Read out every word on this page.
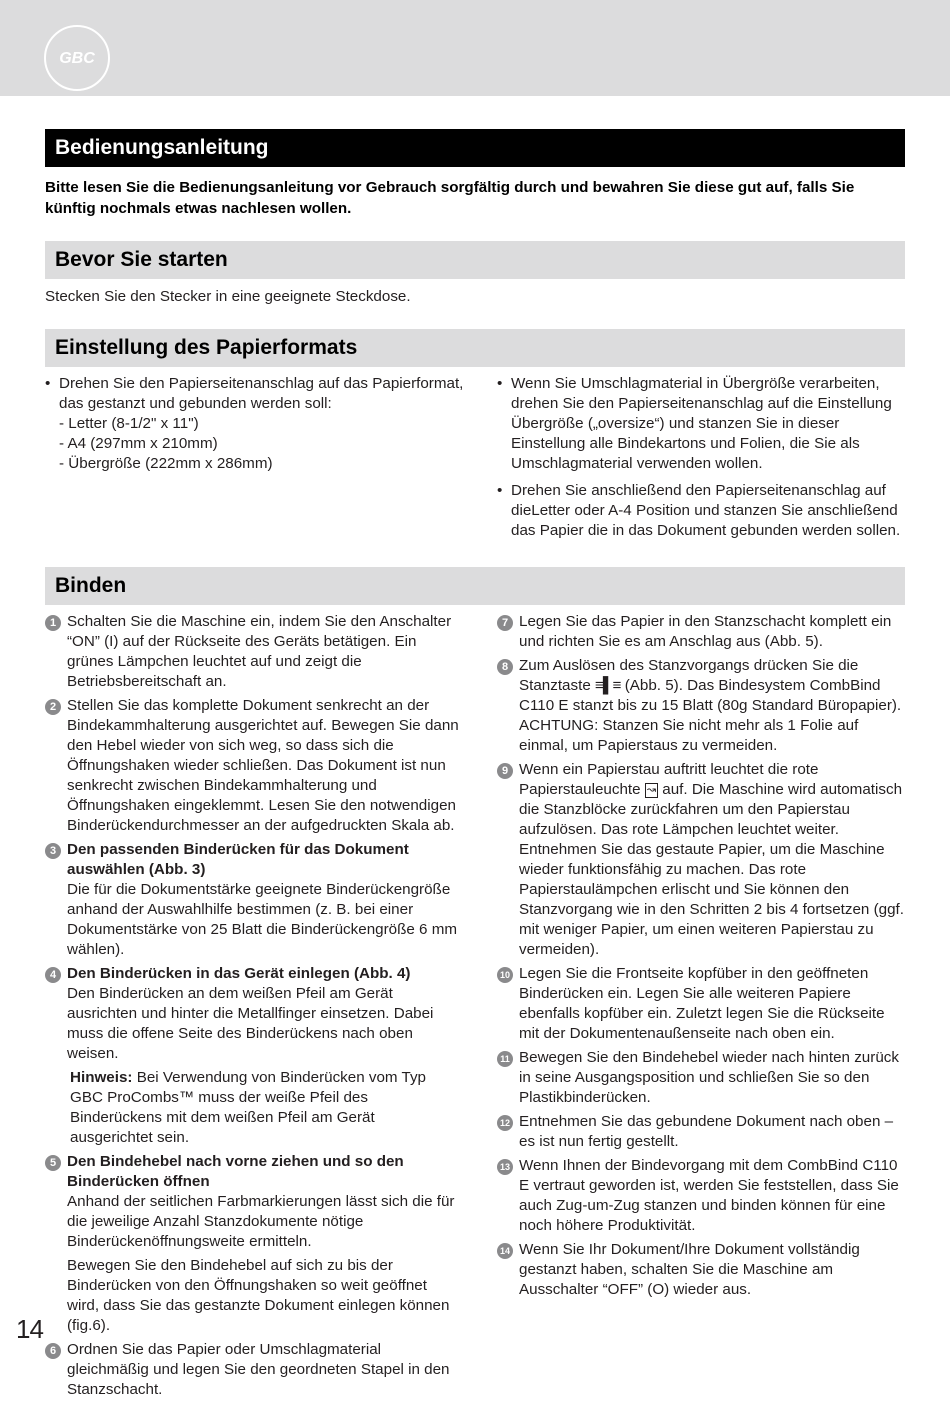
GBC
Bedienungsanleitung
Bitte lesen Sie die Bedienungsanleitung vor Gebrauch sorgfältig durch und bewahren Sie diese gut auf, falls Sie künftig nochmals etwas nachlesen wollen.
Bevor Sie starten
Stecken Sie den Stecker in eine geeignete Steckdose.
Einstellung des Papierformats
• Drehen Sie den Papierseitenanschlag auf das Papierformat, das gestanzt und gebunden werden soll:
- Letter (8-1/2" x 11")
- A4 (297mm x 210mm)
- Übergröße (222mm x 286mm)
• Wenn Sie Umschlagmaterial in Übergröße verarbeiten, drehen Sie den Papierseitenanschlag auf die Einstellung Übergröße („oversize“) und stanzen Sie in dieser Einstellung alle Bindekartons und Folien, die Sie als Umschlagmaterial verwenden wollen.
• Drehen Sie anschließend den Papierseitenanschlag auf dieLetter oder A-4 Position und stanzen Sie anschließend das Papier die in das Dokument gebunden werden sollen.
Binden
1 Schalten Sie die Maschine ein, indem Sie den Anschalter “ON” (I) auf der Rückseite des Geräts betätigen. Ein grünes Lämpchen leuchtet auf und zeigt die Betriebsbereitschaft an.
2 Stellen Sie das komplette Dokument senkrecht an der Bindekammhalterung ausgerichtet auf. Bewegen Sie dann den Hebel wieder von sich weg, so dass sich die Öffnungshaken wieder schließen. Das Dokument ist nun senkrecht zwischen Bindekammhalterung und Öffnungshaken eingeklemmt. Lesen Sie den notwendigen Binderückendurchmesser an der aufgedruckten Skala ab.
3 Den passenden Binderücken für das Dokument auswählen (Abb. 3)
Die für die Dokumentstärke geeignete Binderückengröße anhand der Auswahlhilfe bestimmen (z. B. bei einer Dokumentstärke von 25 Blatt die Binderückengröße 6 mm wählen).
4 Den Binderücken in das Gerät einlegen (Abb. 4)
Den Binderücken an dem weißen Pfeil am Gerät ausrichten und hinter die Metallfinger einsetzen. Dabei muss die offene Seite des Binderückens nach oben weisen.
Hinweis: Bei Verwendung von Binderücken vom Typ GBC ProCombs™ muss der weiße Pfeil des Binderückens mit dem weißen Pfeil am Gerät ausgerichtet sein.
5 Den Bindehebel nach vorne ziehen und so den Binderücken öffnen
Anhand der seitlichen Farbmarkierungen lässt sich die für die jeweilige Anzahl Stanzdokumente nötige Binderückenöffnungsweite ermitteln.
Bewegen Sie den Bindehebel auf sich zu bis der Binderücken von den Öffnungshaken so weit geöffnet wird, dass Sie das gestanzte Dokument einlegen können (fig.6).
6 Ordnen Sie das Papier oder Umschlagmaterial gleichmäßig und legen Sie den geordneten Stapel in den Stanzschacht.
7 Legen Sie das Papier in den Stanzschacht komplett ein und richten Sie es am Anschlag aus (Abb. 5).
8 Zum Auslösen des Stanzvorgangs drücken Sie die Stanztaste ≡▌≡ (Abb. 5). Das Bindesystem CombBind C110 E stanzt bis zu 15 Blatt (80g Standard Büropapier). ACHTUNG: Stanzen Sie nicht mehr als 1 Folie auf einmal, um Papierstaus zu vermeiden.
9 Wenn ein Papierstau auftritt leuchtet die rote Papierstauleuchte ↝ auf. Die Maschine wird automatisch die Stanzblöcke zurückfahren um den Papierstau aufzulösen. Das rote Lämpchen leuchtet weiter. Entnehmen Sie das gestaute Papier, um die Maschine wieder funktionsfähig zu machen. Das rote Papierstaulämpchen erlischt und Sie können den Stanzvorgang wie in den Schritten 2 bis 4 fortsetzen (ggf. mit weniger Papier, um einen weiteren Papierstau zu vermeiden).
10 Legen Sie die Frontseite kopfüber in den geöffneten Binderücken ein. Legen Sie alle weiteren Papiere ebenfalls kopfüber ein. Zuletzt legen Sie die Rückseite mit der Dokumentenaußenseite nach oben ein.
11 Bewegen Sie den Bindehebel wieder nach hinten zurück in seine Ausgangsposition und schließen Sie so den Plastikbinderücken.
12 Entnehmen Sie das gebundene Dokument nach oben – es ist nun fertig gestellt.
13 Wenn Ihnen der Bindevorgang mit dem CombBind C110 E vertraut geworden ist, werden Sie feststellen, dass Sie auch Zug-um-Zug stanzen und binden können für eine noch höhere Produktivität.
14 Wenn Sie Ihr Dokument/Ihre Dokument vollständig gestanzt haben, schalten Sie die Maschine am Ausschalter “OFF” (O) wieder aus.
14
